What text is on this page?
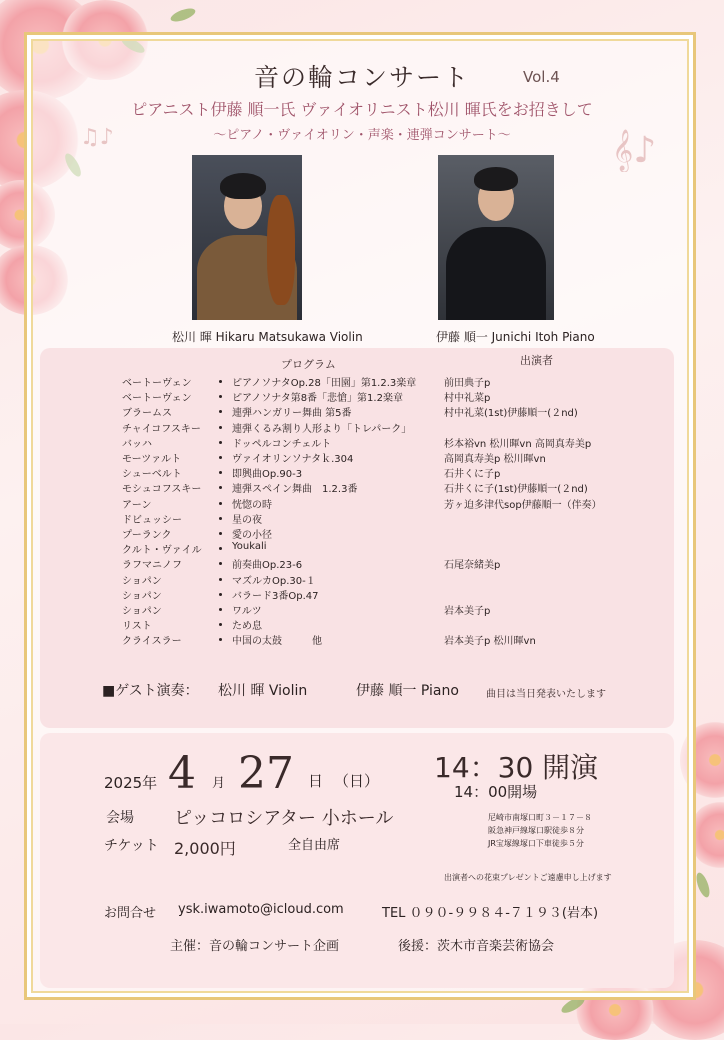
𝄞♪
♫♪
音の輪コンサート	Vol.4
ピアニスト伊藤 順一氏 ヴァイオリニスト松川 暉氏をお招きして
〜ピアノ・ヴァイオリン・声楽・連弾コンサート〜
松川 暉 Hikaru Matsukawa Violin	伊藤 順一 Junichi Itoh Piano
プログラム	出演者
ベートーヴェン	ピアノソナタOp.28「田園」第1.2.3楽章	前田典子p
ベートーヴェン	ピアノソナタ第8番「悲愴」第1.2楽章	村中礼菜p
ブラームス	連弾ハンガリー舞曲 第5番	村中礼菜(1st)伊藤順一(２nd)
チャイコフスキー	連弾くるみ割り人形より「トレパーク」
バッハ	ドッペルコンチェルト	杉本裕vn 松川暉vn 高岡真寿美p
モーツァルト	ヴァイオリンソナタｋ.304	高岡真寿美p 松川暉vn
シューベルト	即興曲Op.90-3	石井くに子p
モシュコフスキー	連弾スペイン舞曲　1.2.3番	石井くに子(1st)伊藤順一(２nd)
アーン	恍惚の時	芳ヶ迫多津代sop伊藤順一（伴奏）
ドビュッシー	星の夜
プーランク	愛の小径
クルト・ヴァイル	Youkali
ラフマニノフ	前奏曲Op.23-6	石尾奈緒美p
ショパン	マズルカOp.30-１
ショパン	バラード3番Op.47
ショパン	ワルツ	岩本美子p
リスト	ため息
クライスラー	中国の太鼓　　　他	岩本美子p 松川暉vn
■ゲスト演奏： 松川 暉 Violin	伊藤 順一 Piano	曲目は当日発表いたします
2025年 4 月 27 日 （日） 14：30 開演
14：00開場
会場 ピッコロシアター 小ホール	尼崎市南塚口町３－１７－８
阪急神戸線塚口駅徒歩８分
JR宝塚線塚口下車徒歩５分
チケット 2,000円	全自由席
出演者への花束プレゼントご遠慮申し上げます
お問合せ ysk.iwamoto@icloud.com	TEL ０９０-９９８４-７１９３(岩本)
主催：音の輪コンサート企画	後援：茨木市音楽芸術協会
